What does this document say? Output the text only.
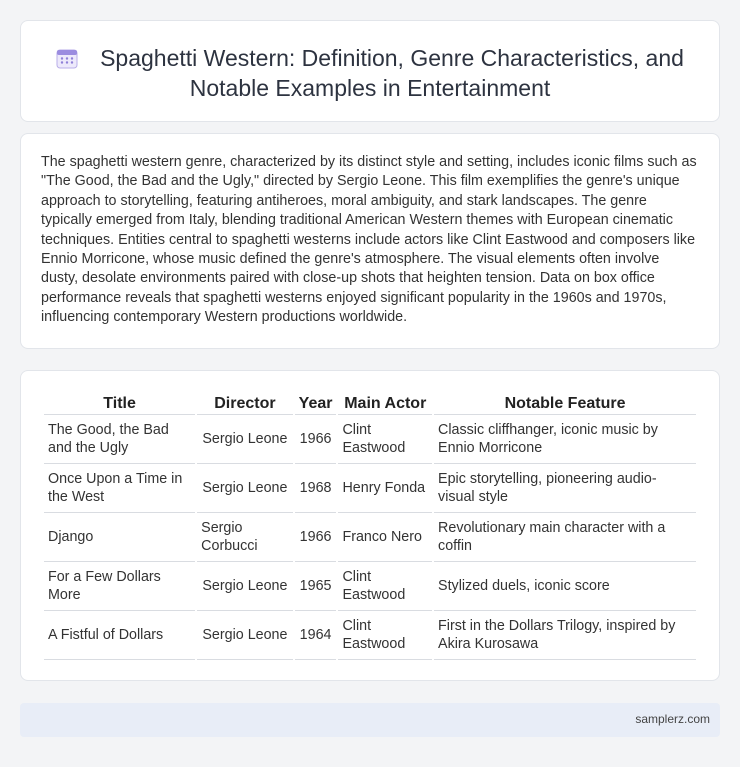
Spaghetti Western: Definition, Genre Characteristics, and Notable Examples in Entertainment

The spaghetti western genre, characterized by its distinct style and setting, includes iconic films such as "The Good, the Bad and the Ugly," directed by Sergio Leone. This film exemplifies the genre's unique approach to storytelling, featuring antiheroes, moral ambiguity, and stark landscapes. The genre typically emerged from Italy, blending traditional American Western themes with European cinematic techniques. Entities central to spaghetti westerns include actors like Clint Eastwood and composers like Ennio Morricone, whose music defined the genre's atmosphere. The visual elements often involve dusty, desolate environments paired with close-up shots that heighten tension. Data on box office performance reveals that spaghetti westerns enjoyed significant popularity in the 1960s and 1970s, influencing contemporary Western productions worldwide.

Title	Director	Year	Main Actor	Notable Feature
The Good, the Bad and the Ugly	Sergio Leone	1966	Clint Eastwood	Classic cliffhanger, iconic music by Ennio Morricone
Once Upon a Time in the West	Sergio Leone	1968	Henry Fonda	Epic storytelling, pioneering audio-visual style
Django	Sergio Corbucci	1966	Franco Nero	Revolutionary main character with a coffin
For a Few Dollars More	Sergio Leone	1965	Clint Eastwood	Stylized duels, iconic score
A Fistful of Dollars	Sergio Leone	1964	Clint Eastwood	First in the Dollars Trilogy, inspired by Akira Kurosawa
samplerz.com
